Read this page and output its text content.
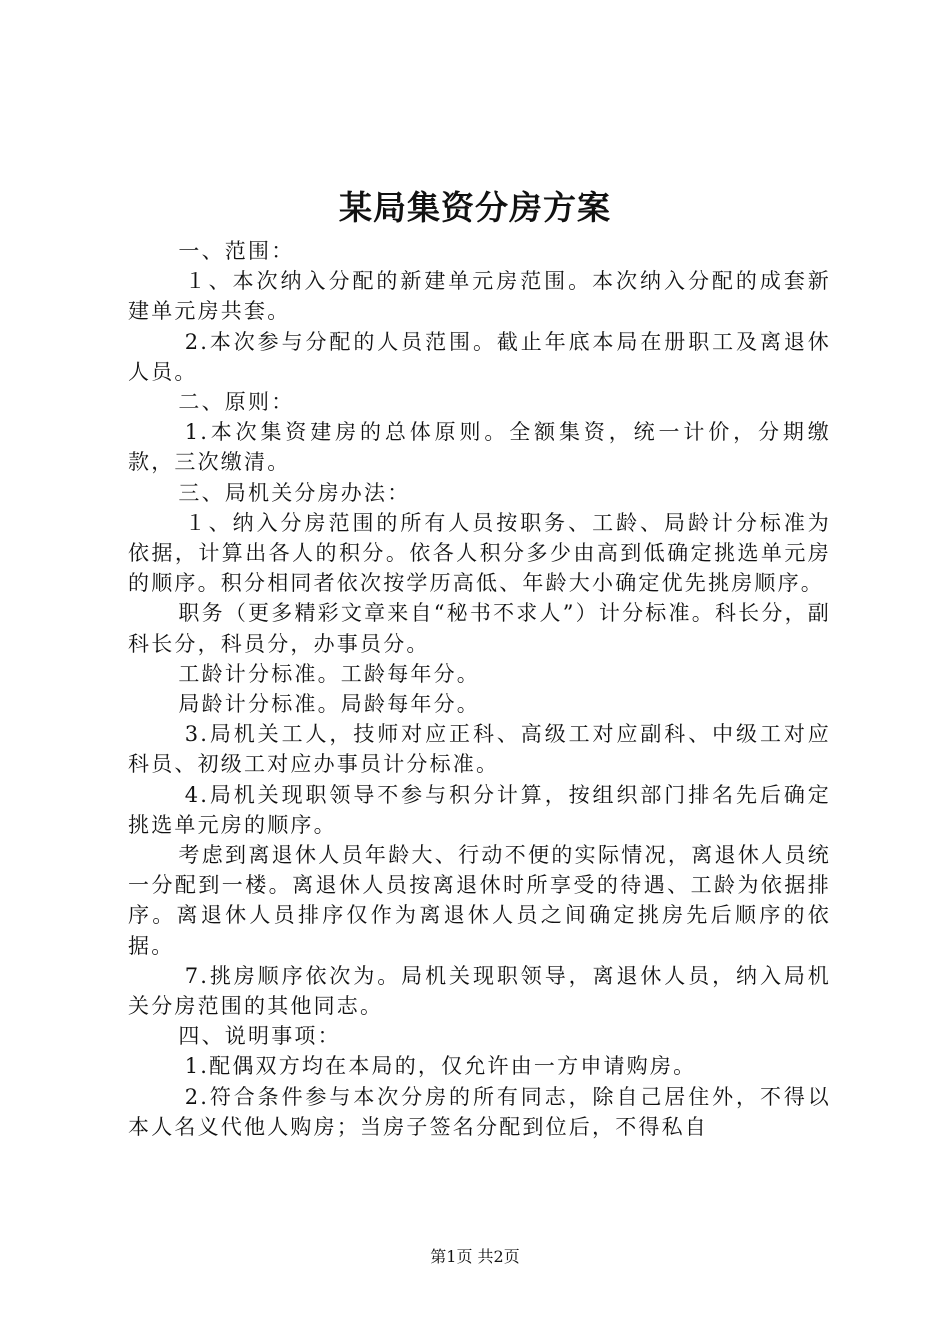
某局集资分房方案

一、范围：

１、本次纳入分配的新建单元房范围。本次纳入分配的成套新建单元房共套。

2.本次参与分配的人员范围。截止年底本局在册职工及离退休人员。

二、原则：

1.本次集资建房的总体原则。全额集资，统一计价，分期缴款，三次缴清。

三、局机关分房办法：

１、纳入分房范围的所有人员按职务、工龄、局龄计分标准为依据，计算出各人的积分。依各人积分多少由高到低确定挑选单元房的顺序。积分相同者依次按学历高低、年龄大小确定优先挑房顺序。

职务（更多精彩文章来自“秘书不求人”）计分标准。科长分，副科长分，科员分，办事员分。

工龄计分标准。工龄每年分。

局龄计分标准。局龄每年分。

3.局机关工人，技师对应正科、高级工对应副科、中级工对应科员、初级工对应办事员计分标准。

4.局机关现职领导不参与积分计算，按组织部门排名先后确定挑选单元房的顺序。

考虑到离退休人员年龄大、行动不便的实际情况，离退休人员统一分配到一楼。离退休人员按离退休时所享受的待遇、工龄为依据排序。离退休人员排序仅作为离退休人员之间确定挑房先后顺序的依据。

7.挑房顺序依次为。局机关现职领导，离退休人员，纳入局机关分房范围的其他同志。

四、说明事项：

1.配偶双方均在本局的，仅允许由一方申请购房。

2.符合条件参与本次分房的所有同志，除自己居住外，不得以本人名义代他人购房；当房子签名分配到位后，不得私自

第1页 共2页
